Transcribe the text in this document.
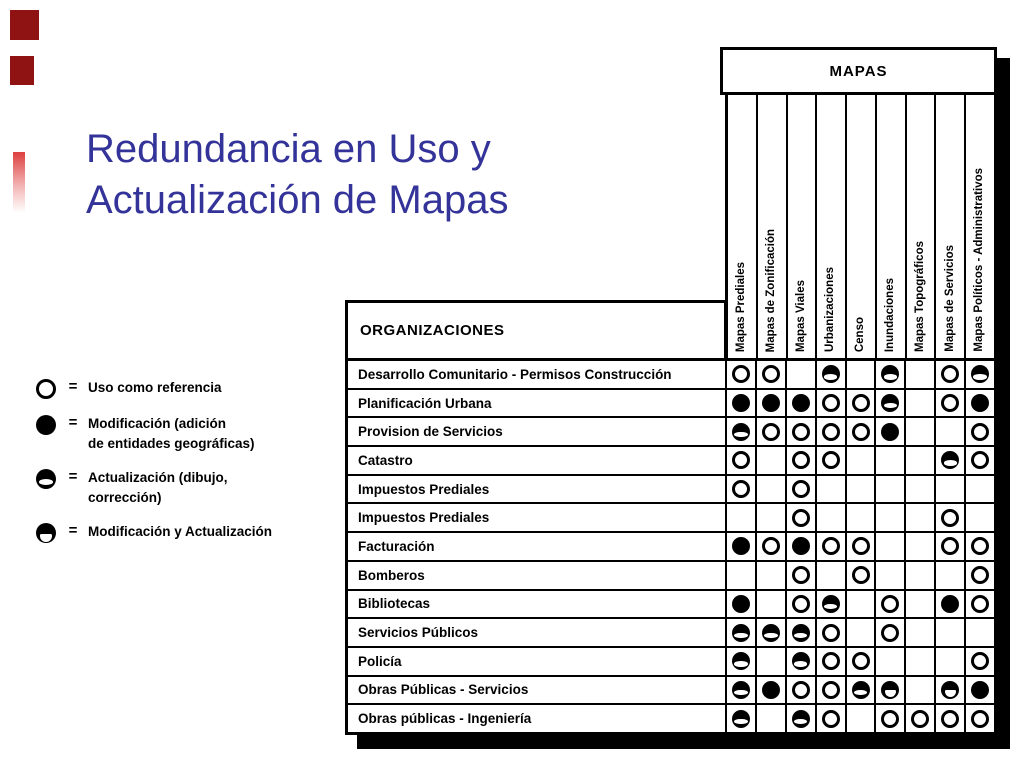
Redundancia en Uso y
Actualización de Mapas
= Uso como referencia
= Modificación (adición
de entidades geográficas)
= Actualización (dibujo,
corrección)
= Modificación y Actualización
MAPAS
Mapas Prediales Mapas de Zonificación Mapas Viales Urbanizaciones Censo Inundaciones Mapas Topográficos Mapas de Servicios Mapas Políticos - Administrativos
ORGANIZACIONES
Desarrollo Comunitario - Permisos Construcción
Planificación Urbana
Provision de Servicios
Catastro
Impuestos Prediales
Impuestos Prediales
Facturación
Bomberos
Bibliotecas
Servicios Públicos
Policía
Obras Públicas - Servicios
Obras públicas - Ingeniería
